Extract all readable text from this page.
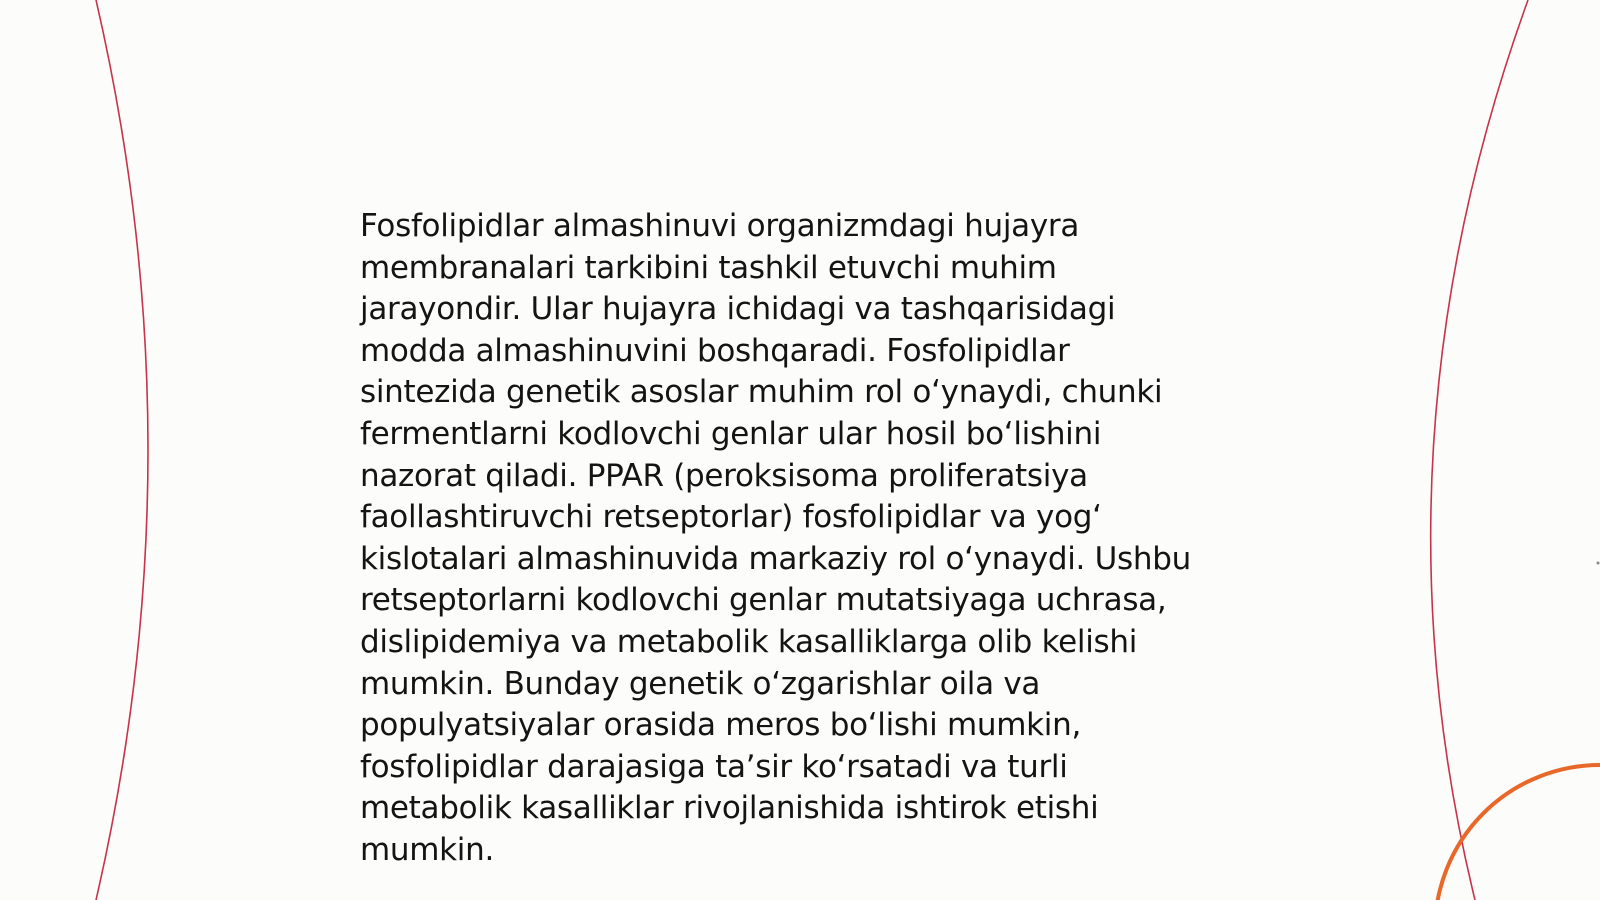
Fosfolipidlar almashinuvi organizmdagi hujayra
membranalari tarkibini tashkil etuvchi muhim
jarayondir. Ular hujayra ichidagi va tashqarisidagi
modda almashinuvini boshqaradi. Fosfolipidlar
sintezida genetik asoslar muhim rol o‘ynaydi, chunki
fermentlarni kodlovchi genlar ular hosil bo‘lishini
nazorat qiladi. PPAR (peroksisoma proliferatsiya
faollashtiruvchi retseptorlar) fosfolipidlar va yog‘
kislotalari almashinuvida markaziy rol o‘ynaydi. Ushbu
retseptorlarni kodlovchi genlar mutatsiyaga uchrasa,
dislipidemiya va metabolik kasalliklarga olib kelishi
mumkin. Bunday genetik o‘zgarishlar oila va
populyatsiyalar orasida meros bo‘lishi mumkin,
fosfolipidlar darajasiga ta’sir ko‘rsatadi va turli
metabolik kasalliklar rivojlanishida ishtirok etishi
mumkin.
